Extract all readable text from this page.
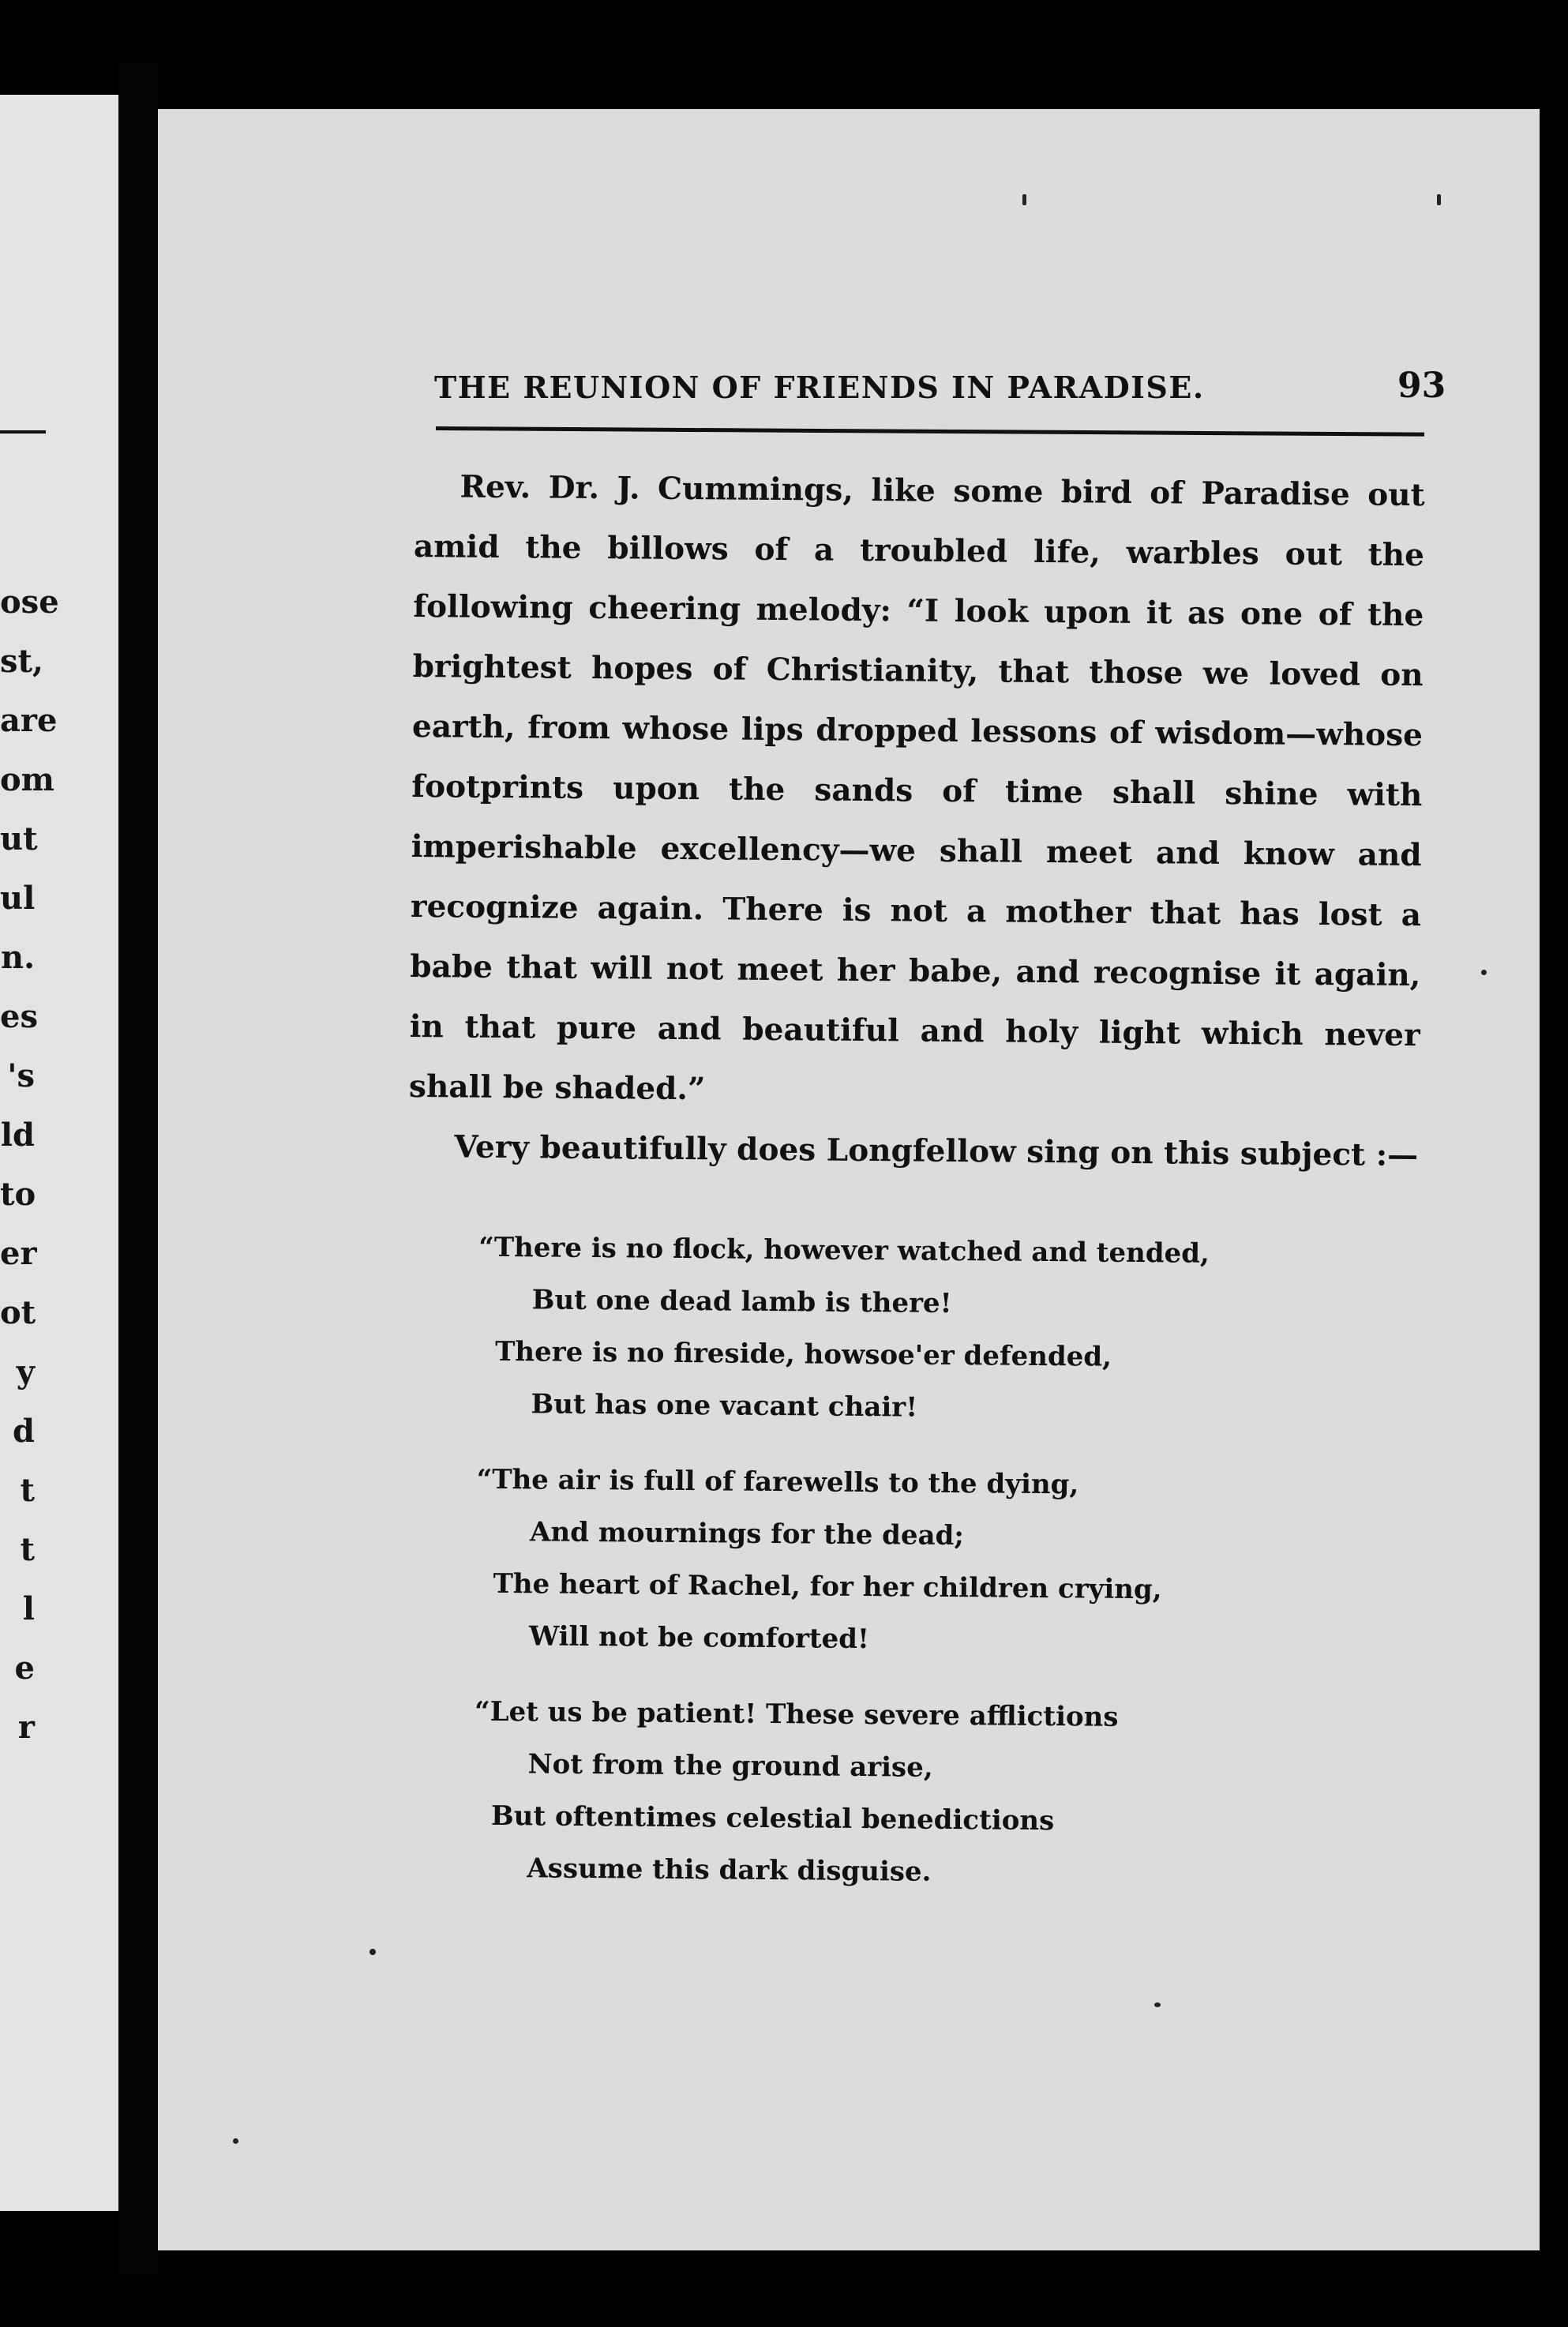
ose
st,
are
om
ut
ul
n.
es
's
ld
to
er
ot
y
d
t
t
l
e
r
THE REUNION OF FRIENDS IN PARADISE.	93

Rev. Dr. J. Cummings, like some bird of Paradise out amid the billows of a troubled life, warbles out the following cheering melody: “I look upon it as one of the brightest hopes of Christianity, that those we loved on earth, from whose lips dropped lessons of wisdom—whose footprints upon the sands of time shall shine with imperishable excellency—we shall meet and know and recognize again. There is not a mother that has lost a babe that will not meet her babe, and recognise it again, in that pure and beautiful and holy light which never shall be shaded.”

Very beautifully does Longfellow sing on this subject :—

“There is no flock, however watched and tended,
But one dead lamb is there!
There is no fireside, howsoe'er defended,
But has one vacant chair!
“The air is full of farewells to the dying,
And mournings for the dead;
The heart of Rachel, for her children crying,
Will not be comforted!
“Let us be patient! These severe afflictions
Not from the ground arise,
But oftentimes celestial benedictions
Assume this dark disguise.
